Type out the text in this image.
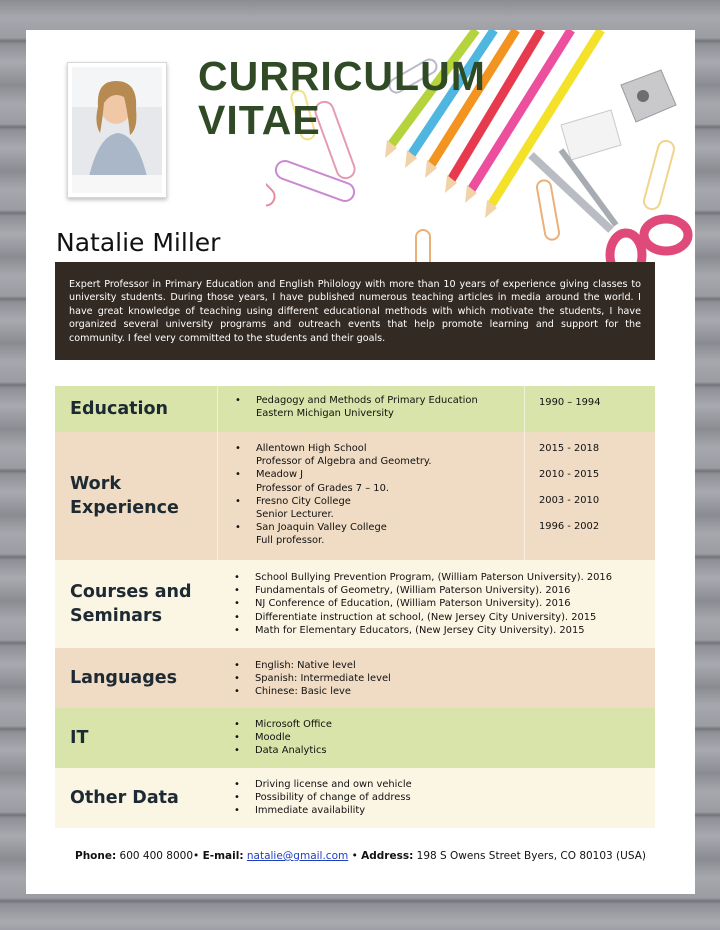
CURRICULUM
VITAE
Natalie Miller
Expert Professor in Primary Education and English Philology with more than 10 years of experience giving classes to university students. During those years, I have published numerous teaching articles in media around the world. I have great knowledge of teaching using different educational methods with which motivate the students, I have organized several university programs and outreach events that help promote learning and support for the community. I feel very committed to the students and their goals.
Education
•	Pedagogy and Methods of Primary Education
Eastern Michigan University
1990 – 1994
Work
Experience
• Allentown High School
Professor of Algebra and Geometry.
• Meadow J
Professor of Grades 7 – 10.
• Fresno City College
Senior Lecturer.
• San Joaquin Valley College
Full professor.
2015 - 2018
2010 - 2015
2003 - 2010
1996 - 2002
Courses and
Seminars
• School Bullying Prevention Program, (William Paterson University). 2016
• Fundamentals of Geometry, (William Paterson University). 2016
• NJ Conference of Education, (William Paterson University). 2016
• Differentiate instruction at school, (New Jersey City University). 2015
• Math for Elementary Educators, (New Jersey City University). 2015
Languages
• English: Native level
• Spanish: Intermediate level
• Chinese: Basic leve
IT
• Microsoft Office
• Moodle
• Data Analytics
Other Data
• Driving license and own vehicle
• Possibility of change of address
• Immediate availability
Phone: 600 400 8000• E-mail: natalie@gmail.com • Address: 198 S Owens Street Byers, CO 80103 (USA)
